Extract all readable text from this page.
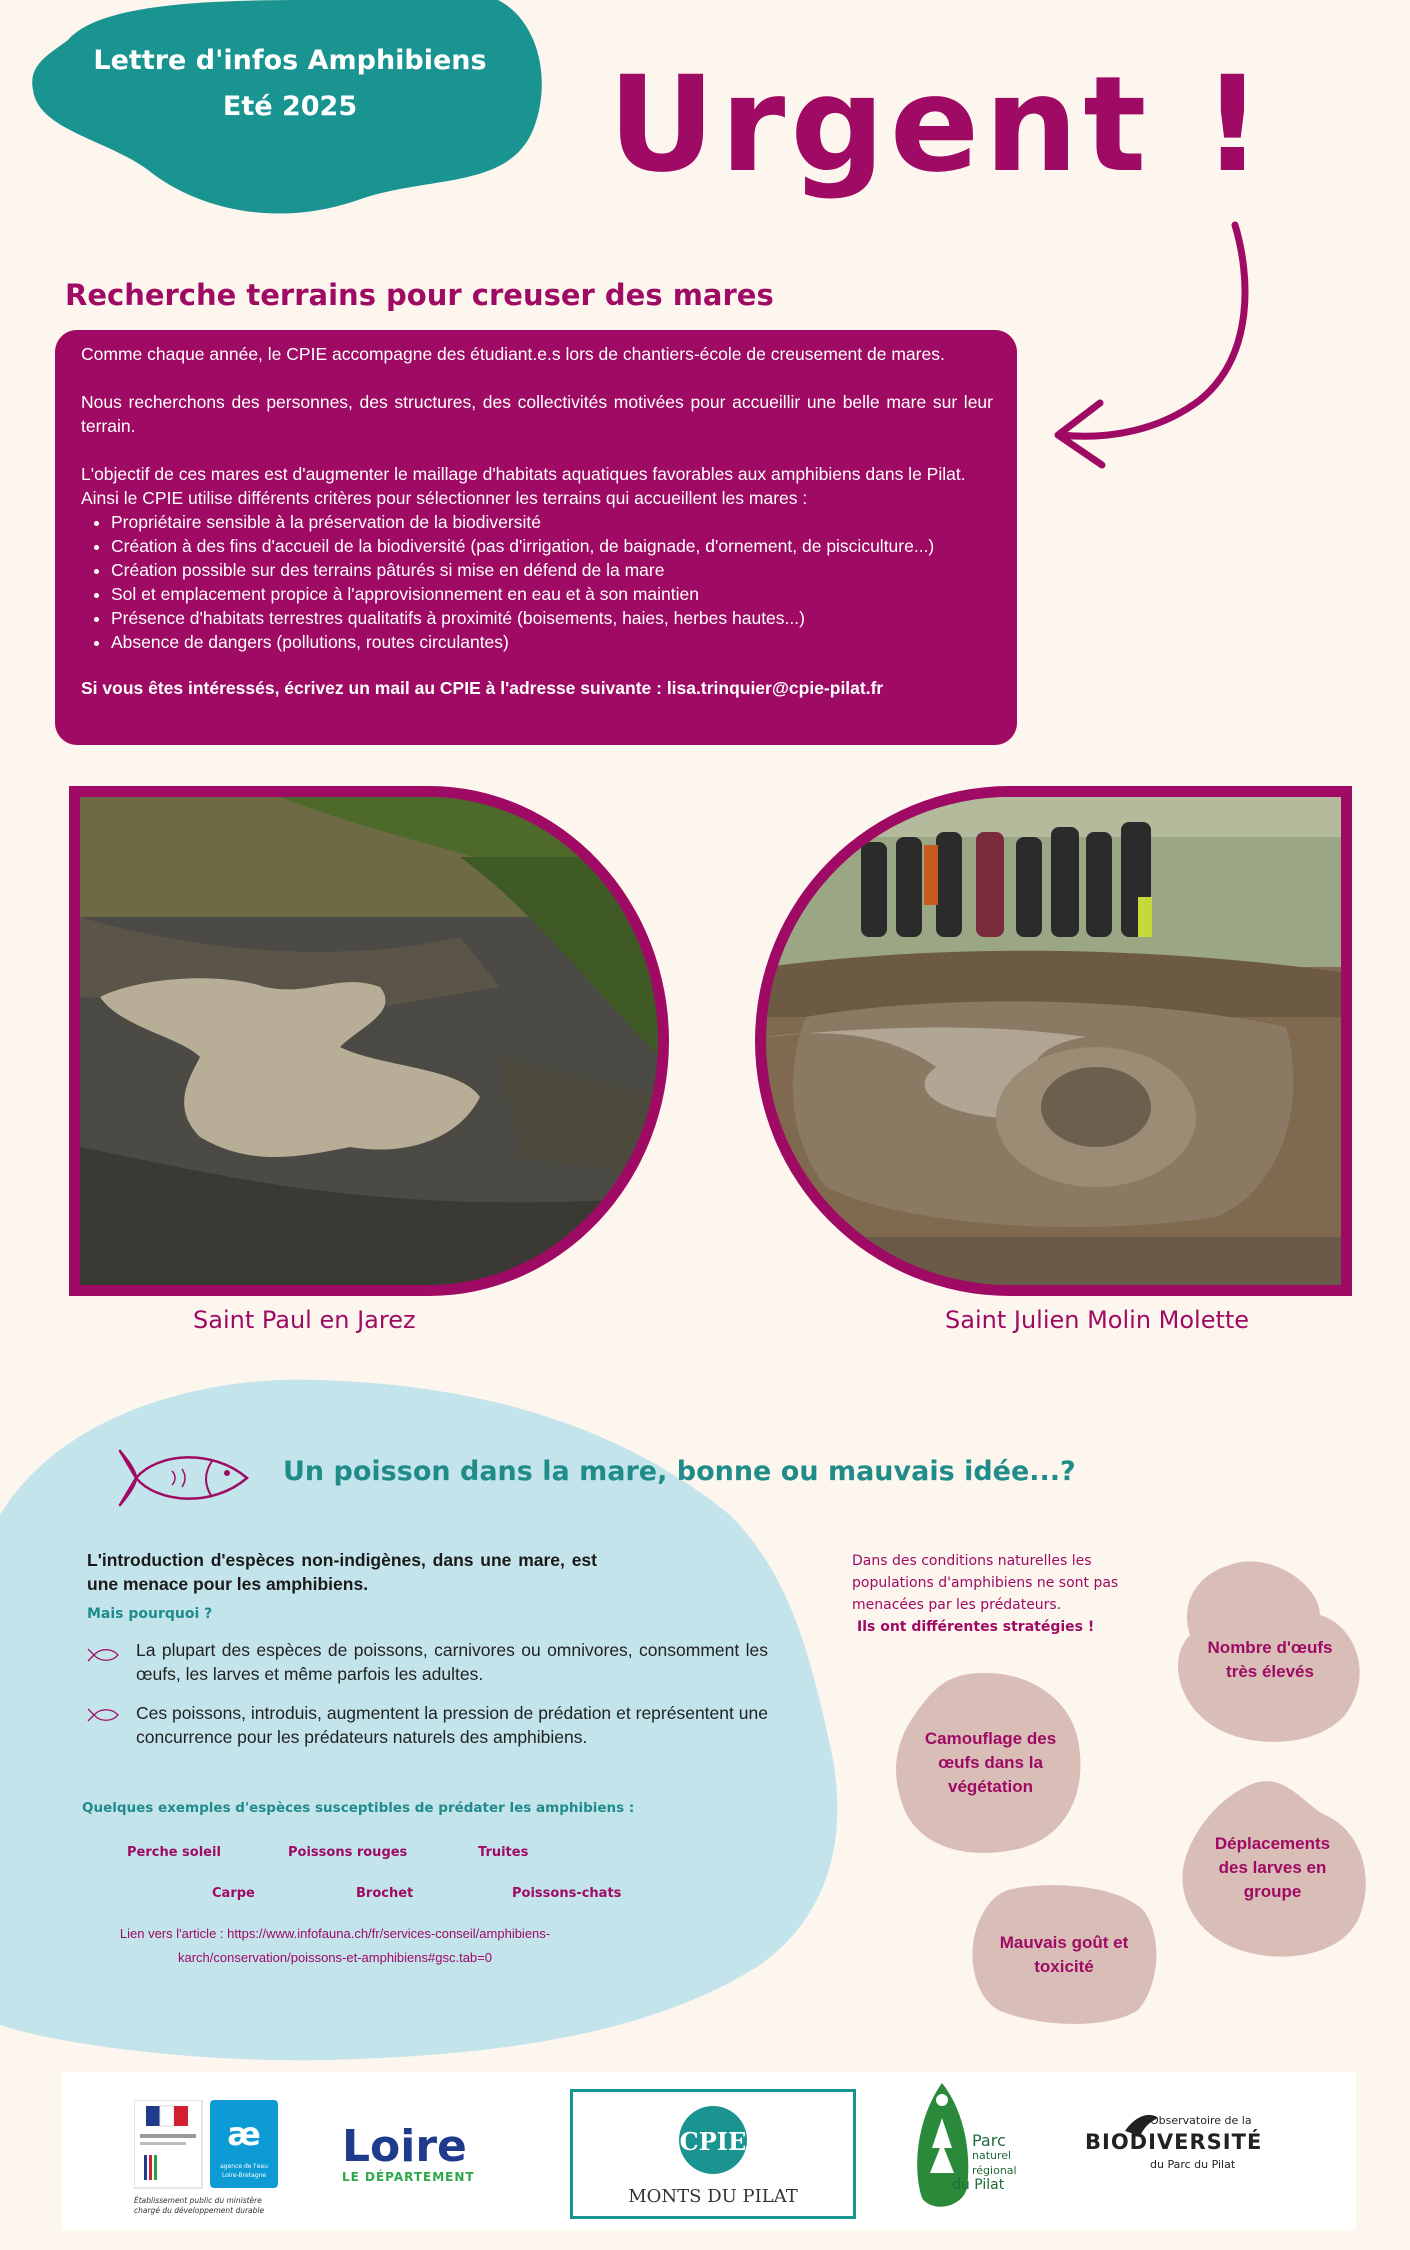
Lettre d'infos Amphibiens
Eté 2025	Urgent !
Recherche terrains pour creuser des mares

Comme chaque année, le CPIE accompagne des étudiant.e.s lors de chantiers-école de creusement de mares.

Nous recherchons des personnes, des structures, des collectivités motivées pour accueillir une belle mare sur leur terrain.

L'objectif de ces mares est d'augmenter le maillage d'habitats aquatiques favorables aux amphibiens dans le Pilat.

Ainsi le CPIE utilise différents critères pour sélectionner les terrains qui accueillent les mares :

• Propriétaire sensible à la préservation de la biodiversité
• Création à des fins d'accueil de la biodiversité (pas d'irrigation, de baignade, d'ornement, de pisciculture...)
• Création possible sur des terrains pâturés si mise en défend de la mare
• Sol et emplacement propice à l'approvisionnement en eau et à son maintien
• Présence d'habitats terrestres qualitatifs à proximité (boisements, haies, herbes hautes...)
• Absence de dangers (pollutions, routes circulantes)

Si vous êtes intéressés, écrivez un mail au CPIE à l'adresse suivante : lisa.trinquier@cpie-pilat.fr

Saint Paul en Jarez	Saint Julien Molin Molette
Un poisson dans la mare, bonne ou mauvais idée...?
L'introduction d'espèces non-indigènes, dans une mare, est une menace pour les amphibiens.
Mais pourquoi ?
La plupart des espèces de poissons, carnivores ou omnivores, consomment les œufs, les larves et même parfois les adultes.
Ces poissons, introduis, augmentent la pression de prédation et représentent une concurrence pour les prédateurs naturels des amphibiens.
Quelques exemples d'espèces susceptibles de prédater les amphibiens :
Perche soleil	Poissons rouges	Truites
Carpe	Brochet	Poissons-chats
Lien vers l'article : https://www.infofauna.ch/fr/services-conseil/amphibiens-karch/conservation/poissons-et-amphibiens#gsc.tab=0
Dans des conditions naturelles les populations d'amphibiens ne sont pas menacées par les prédateurs.
Ils ont différentes stratégies !
Nombre d'œufs très élevés
Camouflage des œufs dans la végétation
Déplacements des larves en groupe
Mauvais goût et toxicité
æ
agence de l'eau
Loire-Bretagne
Établissement public du ministère chargé du développement durable
Loire
LE DÉPARTEMENT
CPIE
MONTS DU PILAT
Parc
naturel
régional
du Pilat
Observatoire de la
BIODIVERSITÉ
du Parc du Pilat
